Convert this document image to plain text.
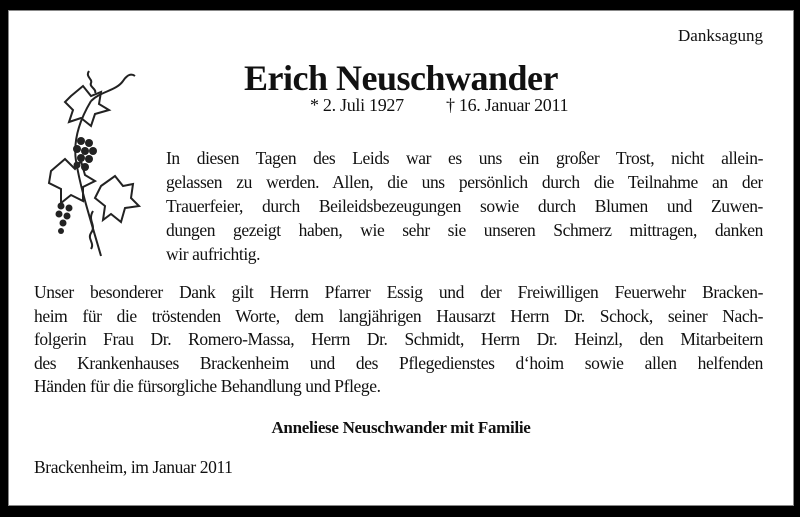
Danksagung
Erich Neuschwander
* 2. Juli 1927 † 16. Januar 2011
In diesen Tagen des Leids war es uns ein großer Trost, nicht allein-
gelassen zu werden. Allen, die uns persönlich durch die Teilnahme an der
Trauerfeier, durch Beileidsbezeugungen sowie durch Blumen und Zuwen-
dungen gezeigt haben, wie sehr sie unseren Schmerz mittragen, danken
wir aufrichtig.
Unser besonderer Dank gilt Herrn Pfarrer Essig und der Freiwilligen Feuerwehr Bracken-
heim für die tröstenden Worte, dem langjährigen Hausarzt Herrn Dr. Schock, seiner Nach-
folgerin Frau Dr. Romero-Massa, Herrn Dr. Schmidt, Herrn Dr. Heinzl, den Mitarbeitern
des Krankenhauses Brackenheim und des Pflegedienstes d‘hoim sowie allen helfenden
Händen für die fürsorgliche Behandlung und Pflege.
Anneliese Neuschwander mit Familie
Brackenheim, im Januar 2011
